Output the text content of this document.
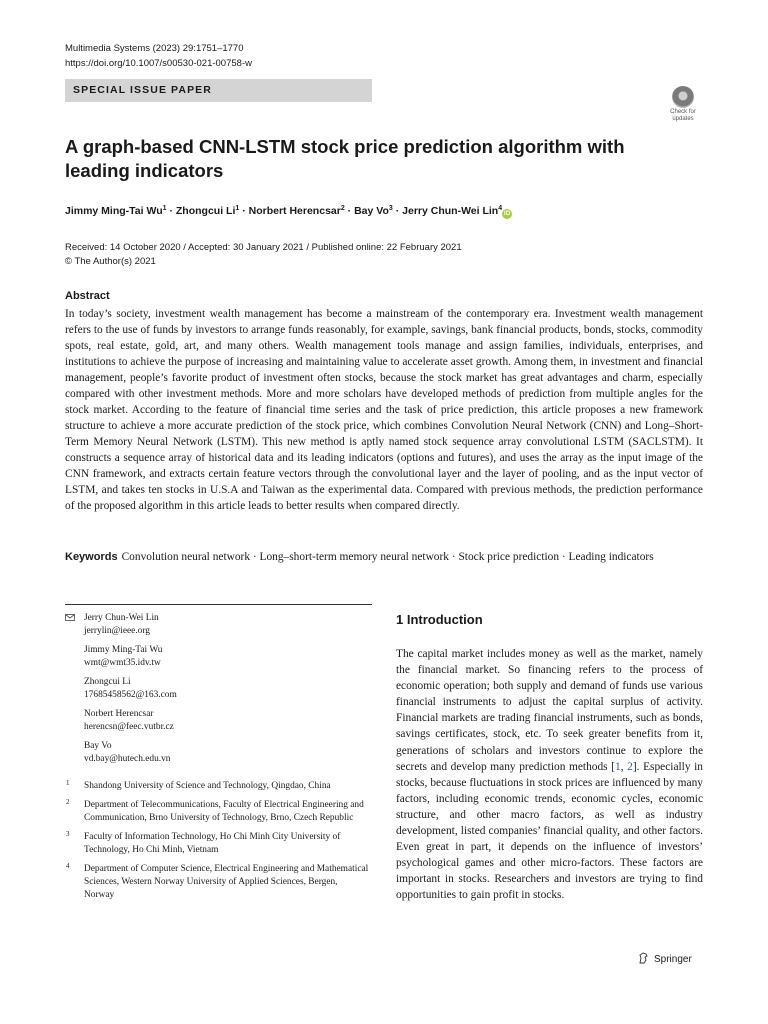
Multimedia Systems (2023) 29:1751–1770
https://doi.org/10.1007/s00530-021-00758-w
SPECIAL ISSUE PAPER
Check for
updates
A graph-based CNN-LSTM stock price prediction algorithm with leading indicators
Jimmy Ming-Tai $Wu^1$ · Zhongcui $Li^1$ · Norbert Herencsar$^2$ · Bay $Vo^3$ · Jerry Chun-Wei Lin$^4$iD
Received: 14 October 2020 / Accepted: 30 January 2021 / Published online: 22 February 2021
© The Author(s) 2021
Abstract
In today’s society, investment wealth management has become a mainstream of the contemporary era. Investment wealth management refers to the use of funds by investors to arrange funds reasonably, for example, savings, bank financial products, bonds, stocks, commodity spots, real estate, gold, art, and many others. Wealth management tools manage and assign families, individuals, enterprises, and institutions to achieve the purpose of increasing and maintaining value to accelerate asset growth. Among them, in investment and financial management, people’s favorite product of investment often stocks, because the stock market has great advantages and charm, especially compared with other investment methods. More and more scholars have developed methods of prediction from multiple angles for the stock market. According to the feature of financial time series and the task of price prediction, this article proposes a new framework structure to achieve a more accurate prediction of the stock price, which combines Convolution Neural Network (CNN) and Long–Short-Term Memory Neural Network (LSTM). This new method is aptly named stock sequence array convolutional LSTM (SACLSTM). It constructs a sequence array of historical data and its leading indicators (options and futures), and uses the array as the input image of the CNN framework, and extracts certain feature vectors through the convolutional layer and the layer of pooling, and as the input vector of LSTM, and takes ten stocks in U.S.A and Taiwan as the experimental data. Compared with previous methods, the prediction performance of the proposed algorithm in this article leads to better results when compared directly.
Keywords Convolution neural network · Long–short-term memory neural network · Stock price prediction · Leading indicators
Jerry Chun-Wei Lin
jerrylin@ieee.org
Jimmy Ming-Tai Wu
wmt@wmt35.idv.tw
Zhongcui Li
17685458562@163.com
Norbert Herencsar
herencsn@feec.vutbr.cz
Bay Vo
vd.bay@hutech.edu.vn
1 Shandong University of Science and Technology, Qingdao, China
2 Department of Telecommunications, Faculty of Electrical Engineering and Communication, Brno University of Technology, Brno, Czech Republic
3 Faculty of Information Technology, Ho Chi Minh City University of Technology, Ho Chi Minh, Vietnam
4 Department of Computer Science, Electrical Engineering and Mathematical Sciences, Western Norway University of Applied Sciences, Bergen, Norway
1 Introduction
The capital market includes money as well as the market, namely the financial market. So financing refers to the process of economic operation; both supply and demand of funds use various financial instruments to adjust the capital surplus of activity. Financial markets are trading financial instruments, such as bonds, savings certificates, stock, etc. To seek greater benefits from it, generations of scholars and investors continue to explore the secrets and develop many prediction methods [1, 2]. Especially in stocks, because fluctuations in stock prices are influenced by many factors, including economic trends, economic cycles, economic structure, and other macro factors, as well as industry development, listed companies’ financial quality, and other factors. Even great in part, it depends on the influence of investors’ psychological games and other micro-factors. These factors are important in stocks. Researchers and investors are trying to find opportunities to gain profit in stocks.
Springer
